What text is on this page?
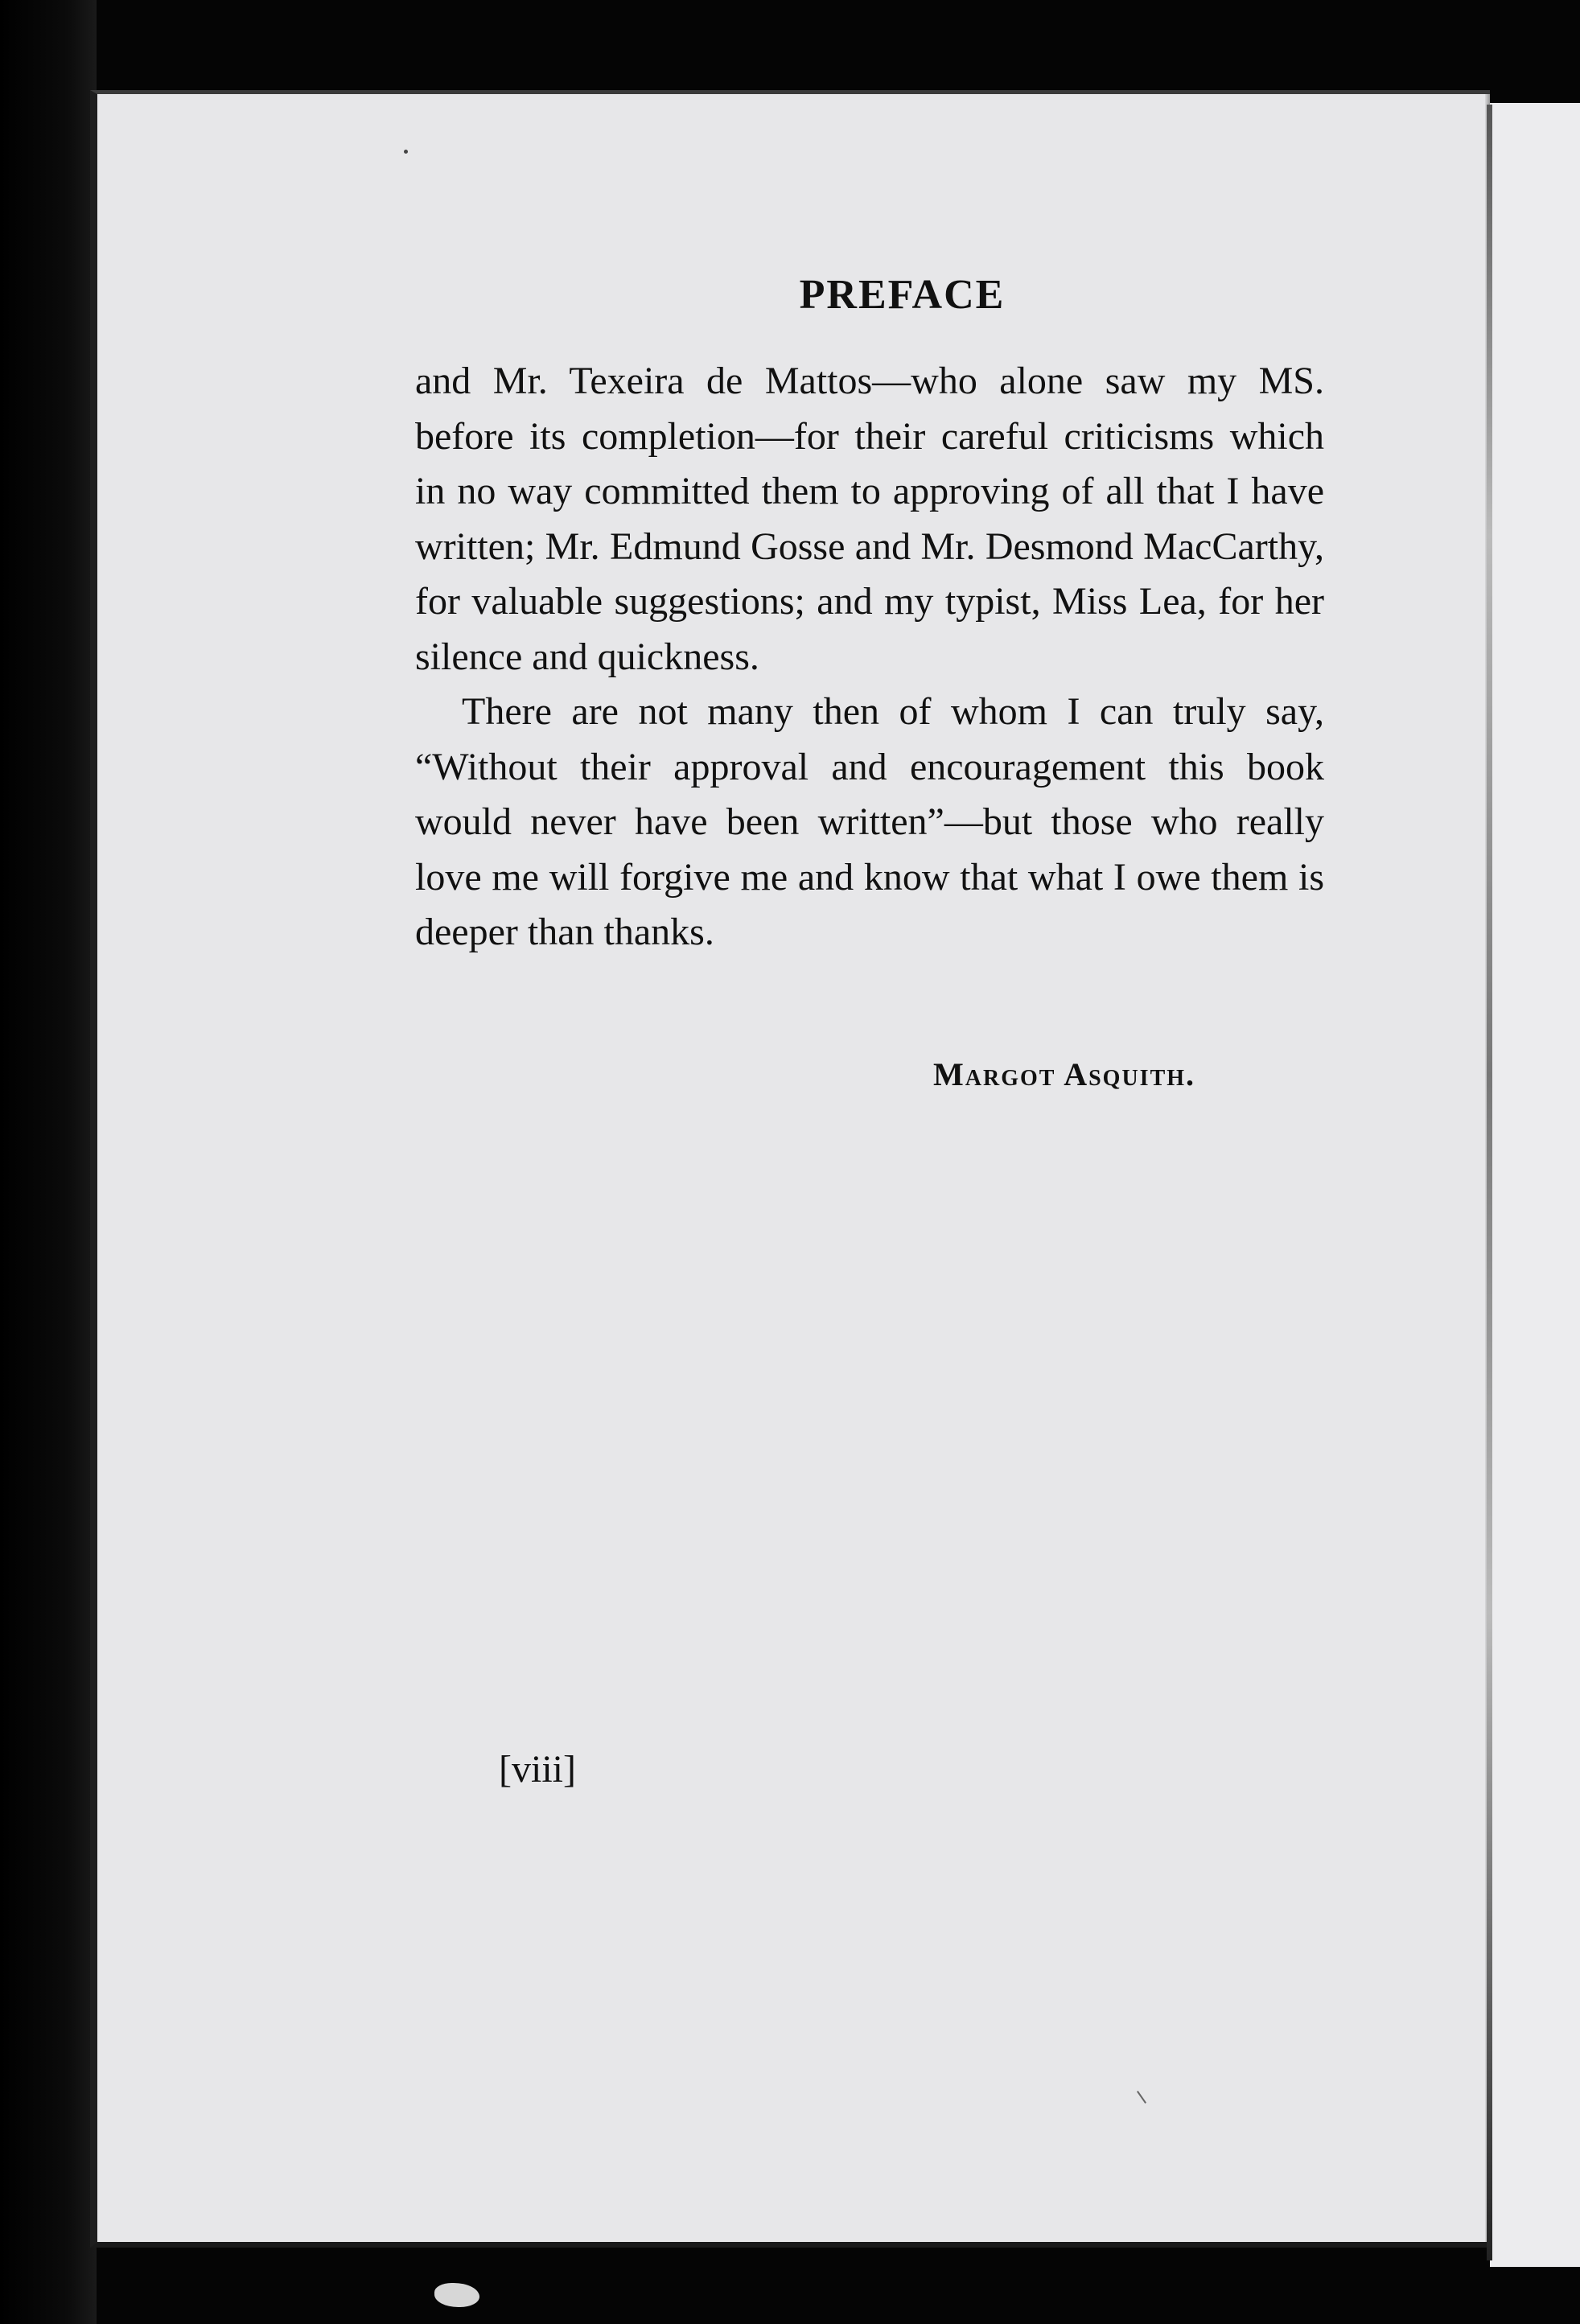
PREFACE

and Mr. Texeira de Mattos—who alone saw my MS. before its completion—for their careful criticisms which in no way committed them to approving of all that I have written; Mr. Edmund Gosse and Mr. Desmond MacCarthy, for valuable suggestions; and my typist, Miss Lea, for her silence and quickness.

There are not many then of whom I can truly say, “Without their approval and encouragement this book would never have been written”—but those who really love me will forgive me and know that what I owe them is deeper than thanks.

Margot Asquith.
[viii]
